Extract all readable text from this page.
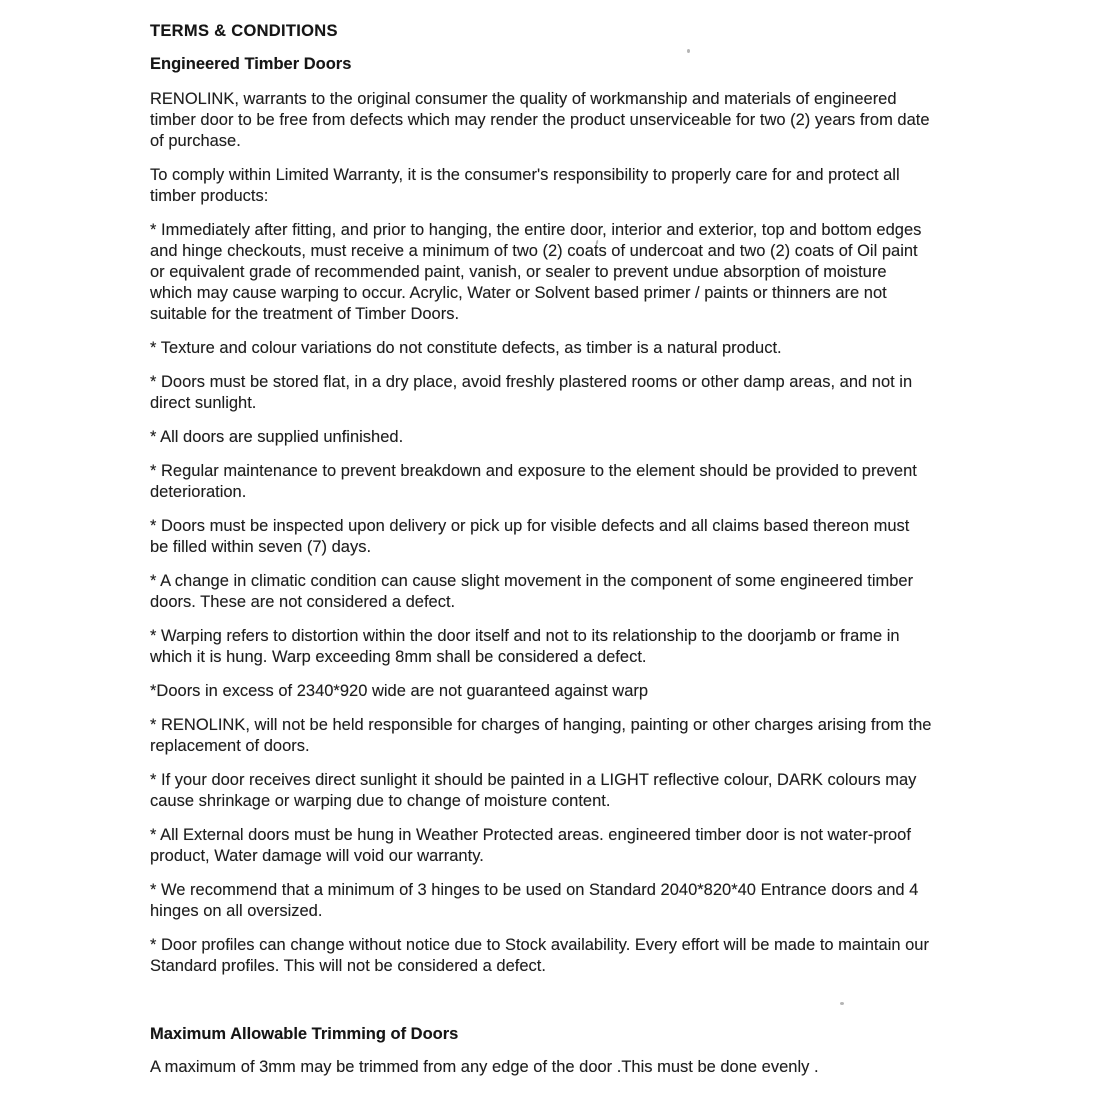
TERMS & CONDITIONS
Engineered Timber Doors

RENOLINK, warrants to the original consumer the quality of workmanship and materials of engineered timber door to be free from defects which may render the product unserviceable for two (2) years from date of purchase.

To comply within Limited Warranty, it is the consumer's responsibility to properly care for and protect all timber products:

* Immediately after fitting, and prior to hanging, the entire door, interior and exterior, top and bottom edges and hinge checkouts, must receive a minimum of two (2) coats of undercoat and two (2) coats of Oil paint or equivalent grade of recommended paint, vanish, or sealer to prevent undue absorption of moisture which may cause warping to occur. Acrylic, Water or Solvent based primer / paints or thinners are not suitable for the treatment of Timber Doors.

* Texture and colour variations do not constitute defects, as timber is a natural product.

* Doors must be stored flat, in a dry place, avoid freshly plastered rooms or other damp areas, and not in direct sunlight.

* All doors are supplied unfinished.

* Regular maintenance to prevent breakdown and exposure to the element should be provided to prevent deterioration.

* Doors must be inspected upon delivery or pick up for visible defects and all claims based thereon must be filled within seven (7) days.

* A change in climatic condition can cause slight movement in the component of some engineered timber doors. These are not considered a defect.

* Warping refers to distortion within the door itself and not to its relationship to the doorjamb or frame in which it is hung. Warp exceeding 8mm shall be considered a defect.

*Doors in excess of 2340*920 wide are not guaranteed against warp

* RENOLINK, will not be held responsible for charges of hanging, painting or other charges arising from the replacement of doors.

* If your door receives direct sunlight it should be painted in a LIGHT reflective colour, DARK colours may cause shrinkage or warping due to change of moisture content.

* All External doors must be hung in Weather Protected areas. engineered timber door is not water-proof product, Water damage will void our warranty.

* We recommend that a minimum of 3 hinges to be used on Standard 2040*820*40 Entrance doors and 4 hinges on all oversized.

* Door profiles can change without notice due to Stock availability. Every effort will be made to maintain our Standard profiles. This will not be considered a defect.

Maximum Allowable Trimming of Doors

A maximum of 3mm may be trimmed from any edge of the door .This must be done evenly .
